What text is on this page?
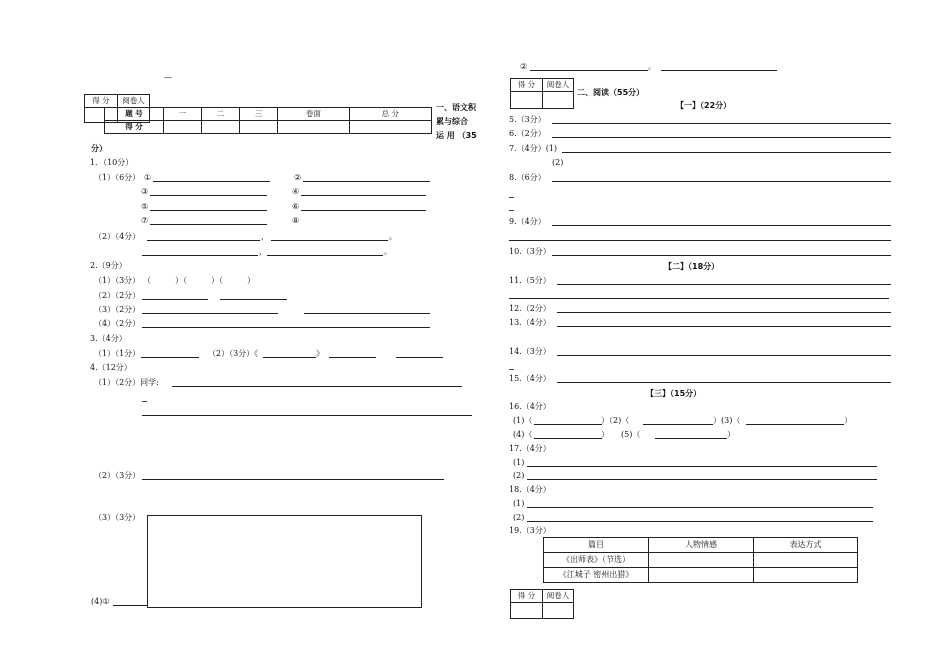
—
得 分	阅卷人

题 号	一	二	三	卷面	总 分
得 分					
一、语文积
累与综合
运 用 （35
分）
1．（10分）
（1）（6分） ①	②
③	④
⑤	⑥
⑦	⑧
（2）（4分）	，	。
，	。
2.（9分）
（1）（3分） （　　　）（　　　）（　　　）
（2）（2分）
（3）（2分）
（4）（2分）
3.（4分）
（1）（1分）	（2）（3分）《	》
4.（12分）
（1）（2分）同学:
（2）（3分）
（3）（3分）
(4)①
②	。
得 分	阅卷人

二、阅读（55分）
【一】（22分）
5.（3分）
6.（2分）
7.（4分）(1)
(2)
8.（6分）
9.（4分）
10.（3分）
【二】（18分）
11.（5分）
12.（2分）
13.（4分）
14.（3分）
15.（4分）
【三】（15分）
16.（4分）
(1)（	）（2)（	）(3)（	）
(4)（	）　　(5)（	）
17.（4分）
(1)
(2)
18.（4分）
(1)
(2)
19.（3分）
篇目	人物情感	表达方式
《出师表》（节选）		
《江城子 密州出猎》		
得 分	阅卷人
